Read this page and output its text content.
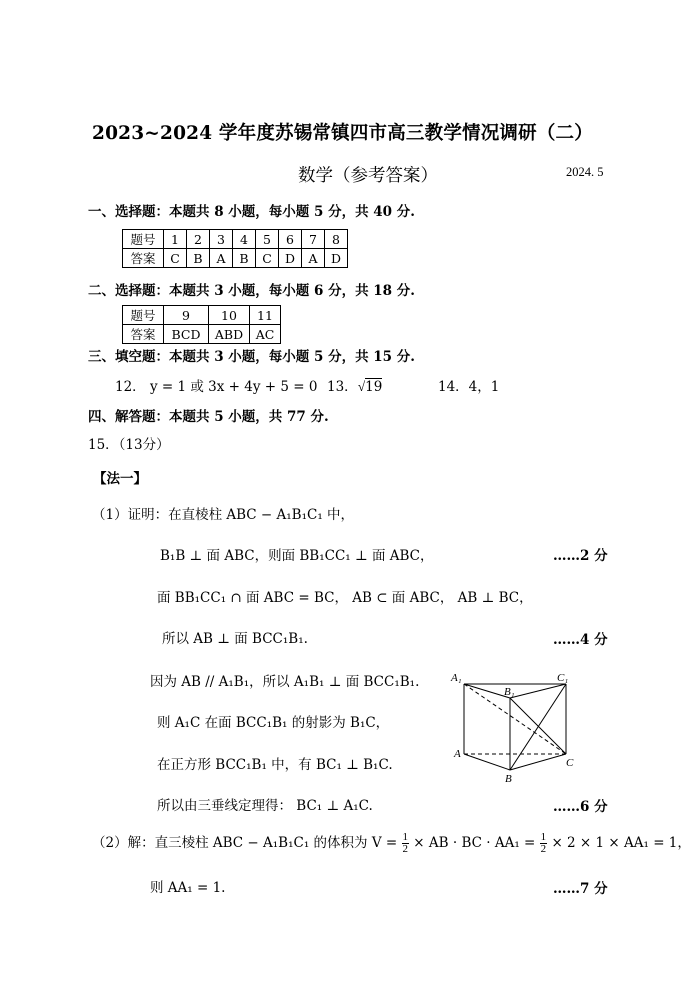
2023~2024 学年度苏锡常镇四市高三教学情况调研（二）
数学（参考答案）	2024. 5
一、选择题：本题共 8 小题，每小题 5 分，共 40 分.
题号	1	2	3	4	5	6	7	8
答案	C	B	A	B	C	D	A	D
二、选择题：本题共 3 小题，每小题 6 分，共 18 分.
题号	9	10	11
答案	BCD	ABD	AC
三、填空题：本题共 3 小题，每小题 5 分，共 15 分.
12． y = 1 或 3x + 4y + 5 = 0 13．√19	14．4，1
四、解答题：本题共 5 小题，共 77 分.
15．（13分）
【法一】
（1）证明：在直棱柱 ABC − A₁B₁C₁ 中，
B₁B ⊥ 面 ABC，则面 BB₁CC₁ ⊥ 面 ABC，	……2 分
面 BB₁CC₁ ∩ 面 ABC = BC， AB ⊂ 面 ABC， AB ⊥ BC，
所以 AB ⊥ 面 BCC₁B₁.	……4 分
因为 AB // A₁B₁，所以 A₁B₁ ⊥ 面 BCC₁B₁.
则 A₁C 在面 BCC₁B₁ 的射影为 B₁C，
在正方形 BCC₁B₁ 中，有 BC₁ ⊥ B₁C.
所以由三垂线定理得： BC₁ ⊥ A₁C.	……6 分
（2）解：直三棱柱 ABC − A₁B₁C₁ 的体积为 $V = \frac{1}{2}$ × AB · BC · $AA_1 = \frac{1}{2} \times 2 \times 1 \times AA_1 = 1$，
则 AA₁ = 1.	……7 分
A₁
B₁
C₁
A
B
C
